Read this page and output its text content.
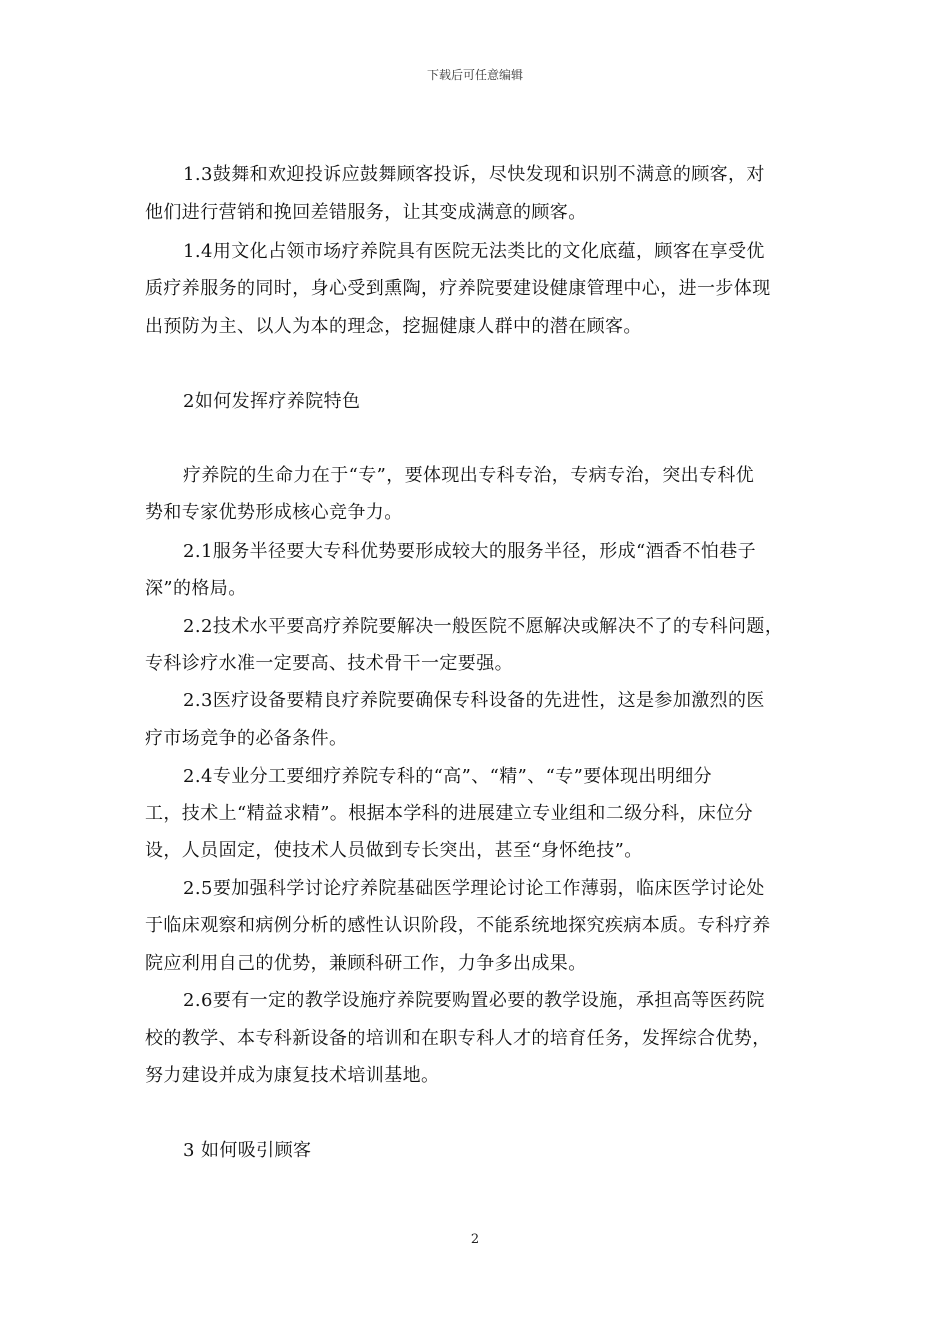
下载后可任意编辑
1.3鼓舞和欢迎投诉应鼓舞顾客投诉，尽快发现和识别不满意的顾客，对
他们进行营销和挽回差错服务，让其变成满意的顾客。
1.4用文化占领市场疗养院具有医院无法类比的文化底蕴，顾客在享受优
质疗养服务的同时，身心受到熏陶，疗养院要建设健康管理中心，进一步体现
出预防为主、以人为本的理念，挖掘健康人群中的潜在顾客。
2如何发挥疗养院特色
疗养院的生命力在于“专”，要体现出专科专治，专病专治，突出专科优
势和专家优势形成核心竞争力。
2.1服务半径要大专科优势要形成较大的服务半径，形成“酒香不怕巷子
深”的格局。
2.2技术水平要高疗养院要解决一般医院不愿解决或解决不了的专科问题，
专科诊疗水准一定要高、技术骨干一定要强。
2.3医疗设备要精良疗养院要确保专科设备的先进性，这是参加激烈的医
疗市场竞争的必备条件。
2.4专业分工要细疗养院专科的“高”、“精”、“专”要体现出明细分
工，技术上“精益求精”。根据本学科的进展建立专业组和二级分科，床位分
设，人员固定，使技术人员做到专长突出，甚至“身怀绝技”。
2.5要加强科学讨论疗养院基础医学理论讨论工作薄弱，临床医学讨论处
于临床观察和病例分析的感性认识阶段，不能系统地探究疾病本质。专科疗养
院应利用自己的优势，兼顾科研工作，力争多出成果。
2.6要有一定的教学设施疗养院要购置必要的教学设施，承担高等医药院
校的教学、本专科新设备的培训和在职专科人才的培育任务，发挥综合优势，
努力建设并成为康复技术培训基地。
3 如何吸引顾客
2
